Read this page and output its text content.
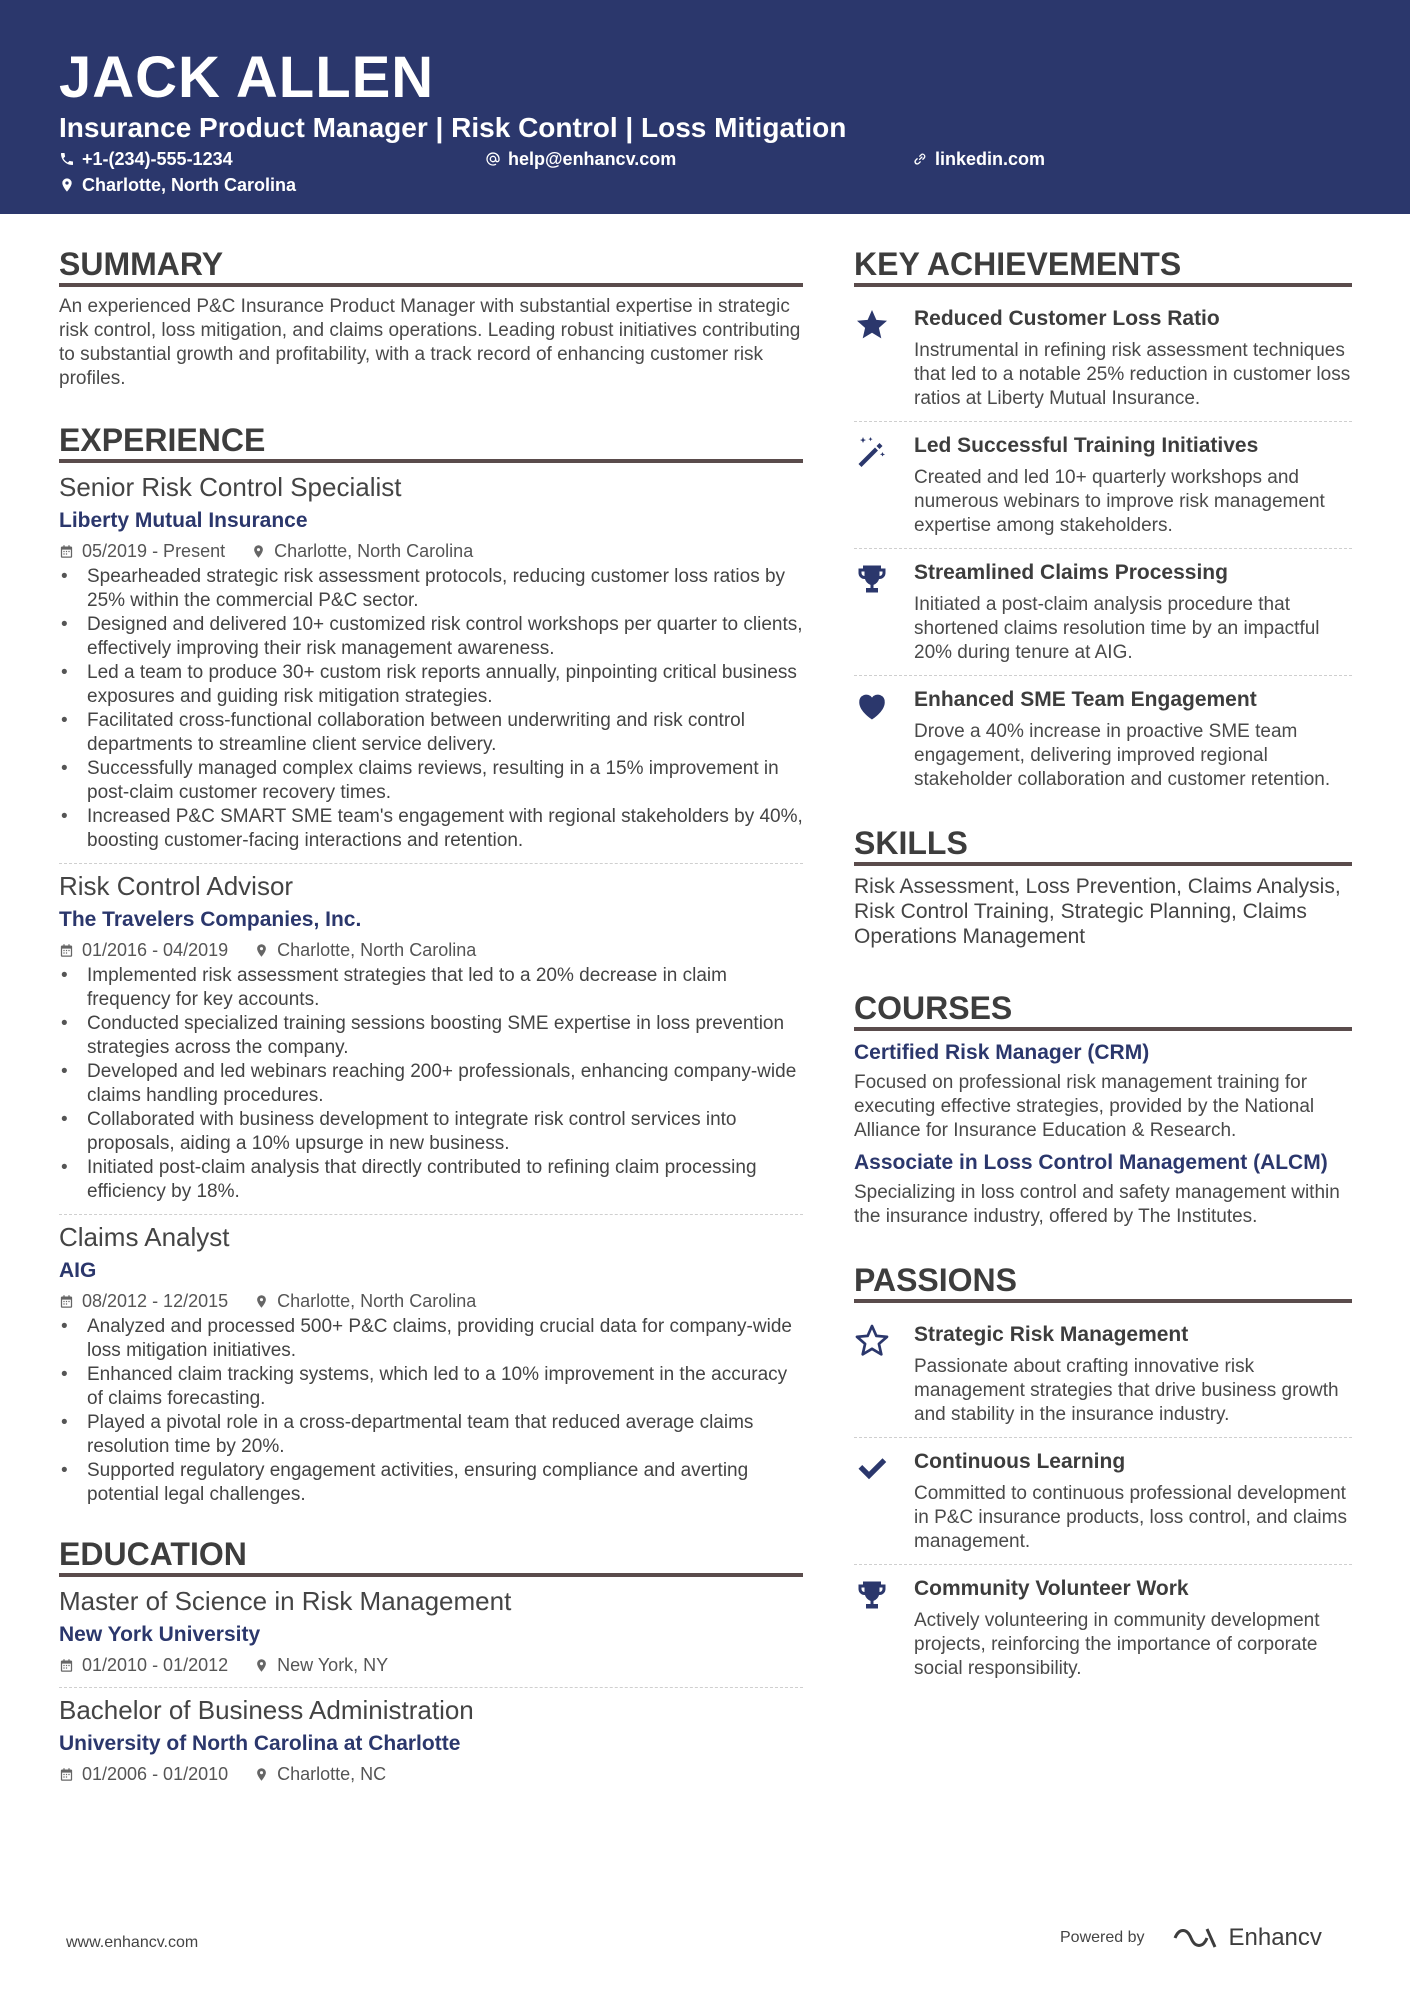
JACK ALLEN
Insurance Product Manager | Risk Control | Loss Mitigation
+1-(234)-555-1234	help@enhancv.com	linkedin.com
Charlotte, North Carolina
SUMMARY

An experienced P&C Insurance Product Manager with substantial expertise in strategic risk control, loss mitigation, and claims operations. Leading robust initiatives contributing to substantial growth and profitability, with a track record of enhancing customer risk profiles.

EXPERIENCE
Senior Risk Control Specialist
Liberty Mutual Insurance
05/2019 - Present	Charlotte, North Carolina
• Spearheaded strategic risk assessment protocols, reducing customer loss ratios by 25% within the commercial P&C sector.
• Designed and delivered 10+ customized risk control workshops per quarter to clients, effectively improving their risk management awareness.
• Led a team to produce 30+ custom risk reports annually, pinpointing critical business exposures and guiding risk mitigation strategies.
• Facilitated cross-functional collaboration between underwriting and risk control departments to streamline client service delivery.
• Successfully managed complex claims reviews, resulting in a 15% improvement in post-claim customer recovery times.
• Increased P&C SMART SME team's engagement with regional stakeholders by 40%, boosting customer-facing interactions and retention.
Risk Control Advisor
The Travelers Companies, Inc.
01/2016 - 04/2019	Charlotte, North Carolina
• Implemented risk assessment strategies that led to a 20% decrease in claim frequency for key accounts.
• Conducted specialized training sessions boosting SME expertise in loss prevention strategies across the company.
• Developed and led webinars reaching 200+ professionals, enhancing company-wide claims handling procedures.
• Collaborated with business development to integrate risk control services into proposals, aiding a 10% upsurge in new business.
• Initiated post-claim analysis that directly contributed to refining claim processing efficiency by 18%.
Claims Analyst
AIG
08/2012 - 12/2015	Charlotte, North Carolina
• Analyzed and processed 500+ P&C claims, providing crucial data for company-wide loss mitigation initiatives.
• Enhanced claim tracking systems, which led to a 10% improvement in the accuracy of claims forecasting.
• Played a pivotal role in a cross-departmental team that reduced average claims resolution time by 20%.
• Supported regulatory engagement activities, ensuring compliance and averting potential legal challenges.
EDUCATION
Master of Science in Risk Management
New York University
01/2010 - 01/2012	New York, NY
Bachelor of Business Administration
University of North Carolina at Charlotte
01/2006 - 01/2010	Charlotte, NC
KEY ACHIEVEMENTS
Reduced Customer Loss Ratio
Instrumental in refining risk assessment techniques that led to a notable 25% reduction in customer loss ratios at Liberty Mutual Insurance.
Led Successful Training Initiatives
Created and led 10+ quarterly workshops and numerous webinars to improve risk management expertise among stakeholders.
Streamlined Claims Processing
Initiated a post-claim analysis procedure that shortened claims resolution time by an impactful 20% during tenure at AIG.
Enhanced SME Team Engagement
Drove a 40% increase in proactive SME team engagement, delivering improved regional stakeholder collaboration and customer retention.
SKILLS
Risk Assessment, Loss Prevention, Claims Analysis, Risk Control Training, Strategic Planning, Claims Operations Management
COURSES
Certified Risk Manager (CRM)
Focused on professional risk management training for executing effective strategies, provided by the National Alliance for Insurance Education & Research.
Associate in Loss Control Management (ALCM)
Specializing in loss control and safety management within the insurance industry, offered by The Institutes.
PASSIONS
Strategic Risk Management
Passionate about crafting innovative risk management strategies that drive business growth and stability in the insurance industry.
Continuous Learning
Committed to continuous professional development in P&C insurance products, loss control, and claims management.
Community Volunteer Work
Actively volunteering in community development projects, reinforcing the importance of corporate social responsibility.
www.enhancv.com	Powered by	Enhancv
